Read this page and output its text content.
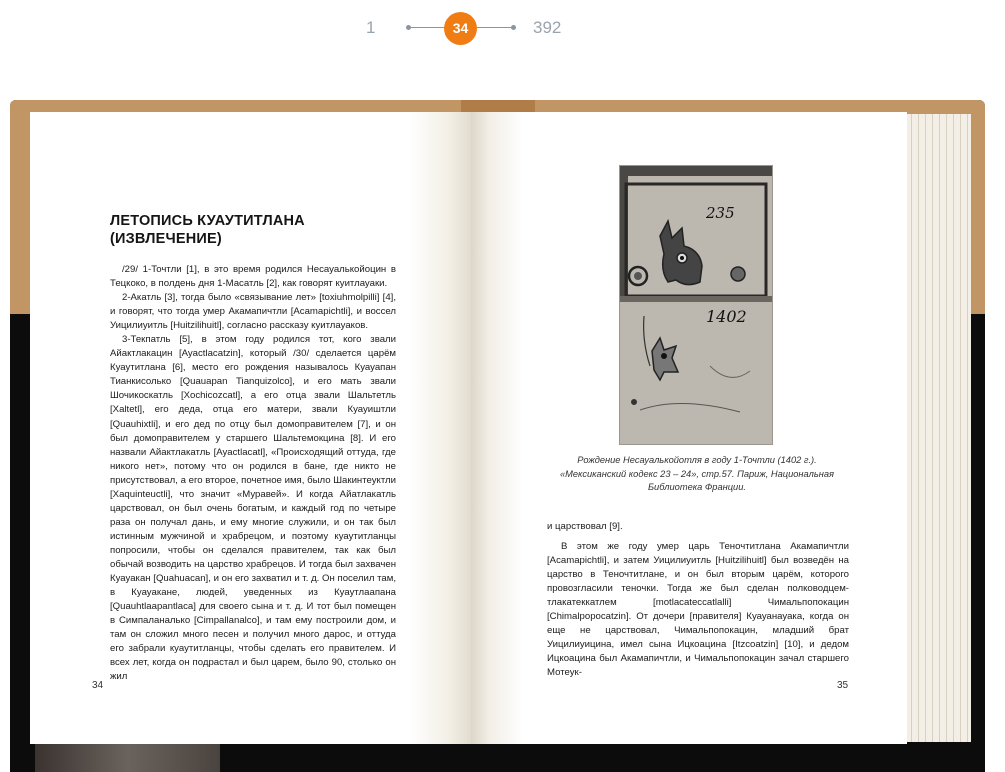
1	34	392
ЛЕТОПИСЬ КУАУТИТЛАНА (ИЗВЛЕЧЕНИЕ)

/29/ 1-Точтли [1], в это время родился Несауалькойоцин в Тецкоко, в полдень дня 1-Масатль [2], как говорят куитлауаки.

2-Акатль [3], тогда было «связывание лет» [toxiuhmolpilli] [4], и говорят, что тогда умер Акамапичтли [Acamapichtli], и воссел Уицилиуитль [Huitzilihuitl], согласно рассказу куитлауаков.

3-Текпатль [5], в этом году родился тот, кого звали Айактлакацин [Ayactlacatzin], который /30/ сделается царём Куаутитлана [6], место его рождения называлось Куауапан Тианкисолько [Quauapan Tianquizolco], и его мать звали Шочикоскатль [Xochicozcatl], а его отца звали Шальтетль [Xaltetl], его деда, отца его матери, звали Куауиштли [Quauhixtli], и его дед по отцу был домоправителем [7], и он был домоправителем у старшего Шальтемокцина [8]. И его назвали Айактлакатль [Ayactlacatl], «Происходящий оттуда, где никого нет», потому что он родился в бане, где никто не присутствовал, а его второе, почетное имя, было Шакинтеуктли [Xaquinteuctli], что значит «Муравей». И когда Айатлакатль царствовал, он был очень богатым, и каждый год по четыре раза он получал дань, и ему многие служили, и он так был истинным мужчиной и храбрецом, и поэтому куаутитланцы попросили, чтобы он сделался правителем, так как был обычай возводить на царство храбрецов. И тогда был захвачен Куауакан [Quahuacan], и он его захватил и т. д. Он поселил там, в Куауакане, людей, уведенных из Куаутлаапана [Quauhtlaapantlaca] для своего сына и т. д. И тот был помещен в Симпаланалько [Cimpallanalco], и там ему построили дом, и там он сложил много песен и получил много дарос, и оттуда его забрали куаутитланцы, чтобы сделать его правителем. И всех лет, когда он подрастал и был царем, было 90, столько он жил

34
235
1402
Рождение Несауалькойотля в году 1-Точтли (1402 г.). «Мексиканский кодекс 23 – 24», стр.57. Париж, Национальная Библиотека Франции.

и царствовал [9].

В этом же году умер царь Теночтитлана Акамапичтли [Acamapichtli], и затем Уицилиуитль [Huitzilihuitl] был возведён на царство в Теночтитлане, и он был вторым царём, которого провозгласили теночки. Тогда же был сделан полководцем-тлакатеккатлем [motlacateccatlalli] Чимальпопокацин [Chimalpopocatzin]. От дочери [правителя] Куауанауака, когда он еще не царствовал, Чимальпопокацин, младший брат Уицилиуицина, имел сына Ицкоацина [Itzcoatzin] [10], и дедом Ицкоацина был Акамапичтли, и Чимальпопокацин зачал старшего Мотеук-

35
